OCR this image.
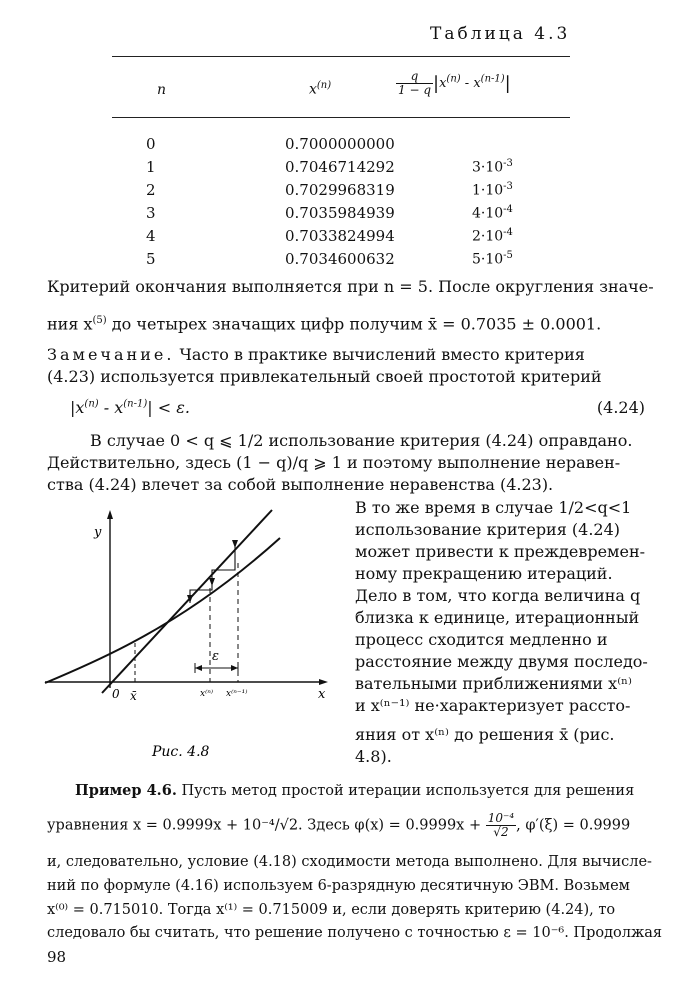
Таблица 4.3
n	$x^{(n)}$	$\frac{q}{1 - q} |x^{(n)} - x^{(n-1)}|$
0	0.7000000000
1	0.7046714292	$3\cdot 10^{-3}$
2	0.7029968319	$1\cdot 10^{-3}$
3	0.7035984939	$4\cdot 10^{-4}$
4	0.7033824994	$2\cdot 10^{-4}$
5	0.7034600632	$5\cdot 10^{-5}$
Критерий окончания выполняется при n = 5. После округления значе-
ния $x^{(5)}$ до четырех значащих цифр получим x̄ = 0.7035 ± 0.0001.
Замечание. Часто в практике вычислений вместо критерия
(4.23) используется привлекательный своей простотой критерий
$|x^{(n)} - x^{(n-1)}| < \varepsilon$.	(4.24)
В случае 0 < q ⩽ 1/2 использование критерия (4.24) оправдано.
Действительно, здесь (1 − q)/q ⩾ 1 и поэтому выполнение неравен-
ства (4.24) влечет за собой выполнение неравенства (4.23).
y
x
0 x̄	x⁽ⁿ⁾ x⁽ⁿ⁻¹⁾
ε
Рис. 4.8
В то же время в случае 1/2<q<1
использование критерия (4.24)
может привести к преждевремен-
ному прекращению итераций.
Дело в том, что когда величина q
близка к единице, итерационный
процесс сходится медленно и
расстояние между двумя последо-
вательными приближениями x⁽ⁿ⁾
и x⁽ⁿ⁻¹⁾ не·характеризует рассто-
яния от x⁽ⁿ⁾ до решения x̄ (рис.
4.8).
Пример 4.6. Пусть метод простой итерации используется для решения
уравнения x = 0.9999x + 10⁻⁴/√2. Здесь $\varphi(x) = 0.9999x + \frac{\text{10⁻⁴}}{√2}$ , φ′(ξ) = 0.9999
и, следовательно, условие (4.18) сходимости метода выполнено. Для вычисле-
ний по формуле (4.16) используем 6-разрядную десятичную ЭВМ. Возьмем
x⁽⁰⁾ = 0.715010. Тогда x⁽¹⁾ = 0.715009 и, если доверять критерию (4.24), то
следовало бы считать, что решение получено с точностью ε = 10⁻⁶. Продолжая
98
